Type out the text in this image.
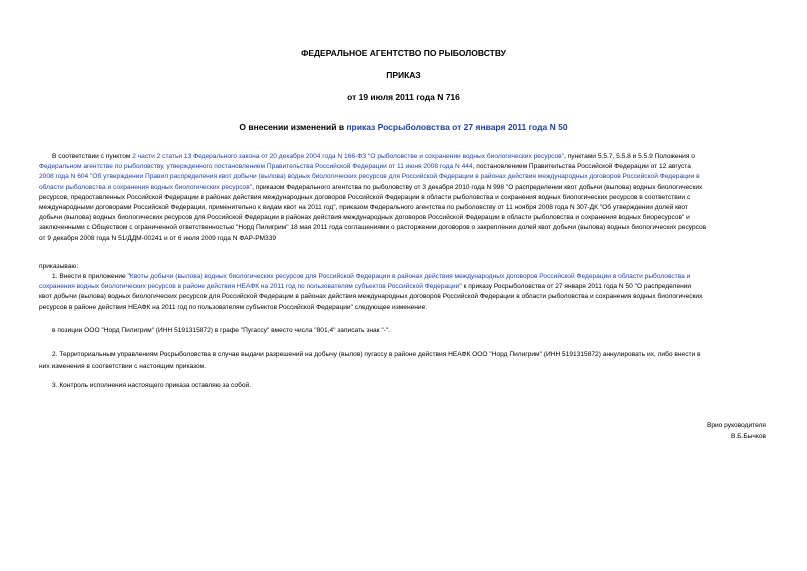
ФЕДЕРАЛЬНОЕ АГЕНТСТВО ПО РЫБОЛОВСТВУ
ПРИКАЗ
от 19 июля 2011 года N 716
О внесении изменений в приказ Росрыболовства от 27 января 2011 года N 50
В соответствии с пунктом 2 части 2 статьи 13 Федерального закона от 20 декабря 2004 года N 166-ФЗ "О рыболовстве и сохранении водных биологических ресурсов", пунктами 5.5.7, 5.5.8 и 5.5.9 Положения о
Федеральном агентстве по рыболовству, утвержденного постановлением Правительства Российской Федерации от 11 июня 2008 года N 444, постановлением Правительства Российской Федерации от 12 августа
2008 года N 604 "Об утверждении Правил распределения квот добычи (вылова) водных биологических ресурсов для Российской Федерации в районах действия международных договоров Российской Федерации в
области рыболовства и сохранения водных биологических ресурсов", приказом Федерального агентства по рыболовству от 3 декабря 2010 года N 998 "О распределении квот добычи (вылова) водных биологических
ресурсов, предоставленных Российской Федерации в районах действия международных договоров Российской Федерации в области рыболовства и сохранения водных биологических ресурсов в соответствии с
международными договорами Российской Федерации, применительно к видам квот на 2011 год", приказом Федерального агентства по рыболовству от 11 ноября 2008 года N 307-ДК "Об утверждении долей квот
добычи (вылова) водных биологических ресурсов для Российской Федерации в районах действия международных договоров Российской Федерации в области рыболовства и сохранения водных биоресурсов" и
заключенными с Обществом с ограниченной ответственностью "Норд Пилигрим" 18 мая 2011 года соглашениями о расторжении договоров о закреплении долей квот добычи (вылова) водных биологических ресурсов
от 9 декабря 2008 года N 51/ДДМ-00241 и от 6 июля 2009 года N ФАР-РМ339
приказываю:
1. Внести в приложение "Квоты добычи (вылова) водных биологических ресурсов для Российской Федерации в районах действия международных договоров Российской Федерации в области рыболовства и
сохранения водных биологических ресурсов в районе действия НЕАФК на 2011 год по пользователям субъектов Российской Федерации" к приказу Росрыболовства от 27 января 2011 года N 50 "О распределении
квот добычи (вылова) водных биологических ресурсов для Российской Федерации в районах действия международных договоров Российской Федерации в области рыболовства и сохранения водных биологических
ресурсов в районе действия НЕАФК на 2011 год по пользователям субъектов Российской Федерации" следующее изменение:
в позиции ООО "Норд Пилигрим" (ИНН 5191315872) в графе "Пугассу" вместо числа "801,4" записать знак "-".
2. Территориальным управлениям Росрыболовства в случае выдачи разрешений на добычу (вылов) пугассу в районе действия НЕАФК ООО "Норд Пилигрим" (ИНН 5191315872) аннулировать их, либо внести в
них изменения в соответствии с настоящим приказом.
3. Контроль исполнения настоящего приказа оставляю за собой.
Врио руководителя
В.Б.Бычков
